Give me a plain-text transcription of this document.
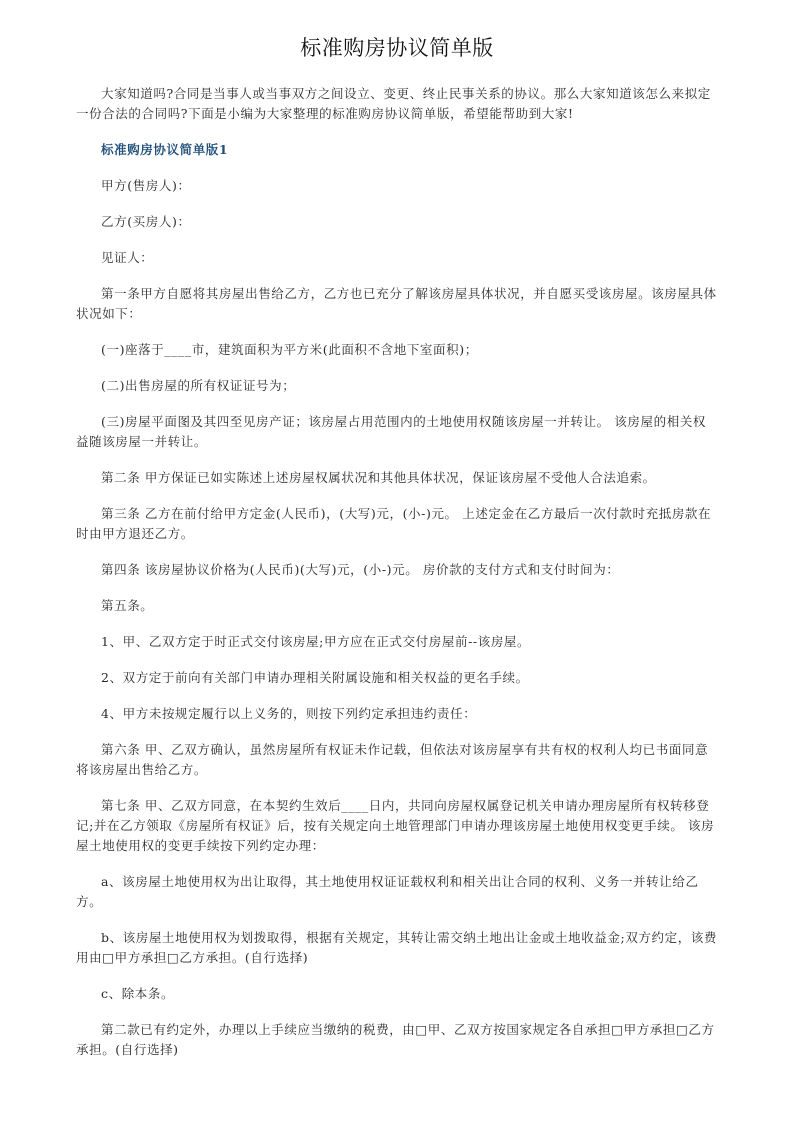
标准购房协议简单版

大家知道吗?合同是当事人或当事双方之间设立、变更、终止民事关系的协议。那么大家知道该怎么来拟定一份合法的合同吗?下面是小编为大家整理的标准购房协议简单版，希望能帮助到大家!

标准购房协议简单版1

甲方(售房人)：

乙方(买房人)：

见证人：

第一条甲方自愿将其房屋出售给乙方，乙方也已充分了解该房屋具体状况，并自愿买受该房屋。该房屋具体状况如下：

(一)座落于____市，建筑面积为平方米(此面积不含地下室面积)；

(二)出售房屋的所有权证证号为；

(三)房屋平面图及其四至见房产证；该房屋占用范围内的土地使用权随该房屋一并转让。 该房屋的相关权益随该房屋一并转让。

第二条 甲方保证已如实陈述上述房屋权属状况和其他具体状况，保证该房屋不受他人合法追索。

第三条 乙方在前付给甲方定金(人民币)，(大写)元，(小-)元。 上述定金在乙方最后一次付款时充抵房款在时由甲方退还乙方。

第四条 该房屋协议价格为(人民币)(大写)元，(小-)元。 房价款的支付方式和支付时间为：

第五条。

1、甲、乙双方定于时正式交付该房屋;甲方应在正式交付房屋前--该房屋。

2、双方定于前向有关部门申请办理相关附属设施和相关权益的更名手续。

4、甲方未按规定履行以上义务的，则按下列约定承担违约责任：

第六条 甲、乙双方确认，虽然房屋所有权证未作记载，但依法对该房屋享有共有权的权利人均已书面同意将该房屋出售给乙方。

第七条 甲、乙双方同意，在本契约生效后____日内，共同向房屋权属登记机关申请办理房屋所有权转移登记;并在乙方领取《房屋所有权证》后，按有关规定向土地管理部门申请办理该房屋土地使用权变更手续。 该房屋土地使用权的变更手续按下列约定办理：

a、该房屋土地使用权为出让取得，其土地使用权证证载权利和相关出让合同的权利、义务一并转让给乙方。

b、该房屋土地使用权为划拨取得，根据有关规定，其转让需交纳土地出让金或土地收益金;双方约定，该费用由□甲方承担□乙方承担。(自行选择)

c、除本条。

第二款已有约定外，办理以上手续应当缴纳的税费，由□甲、乙双方按国家规定各自承担□甲方承担□乙方承担。(自行选择)
